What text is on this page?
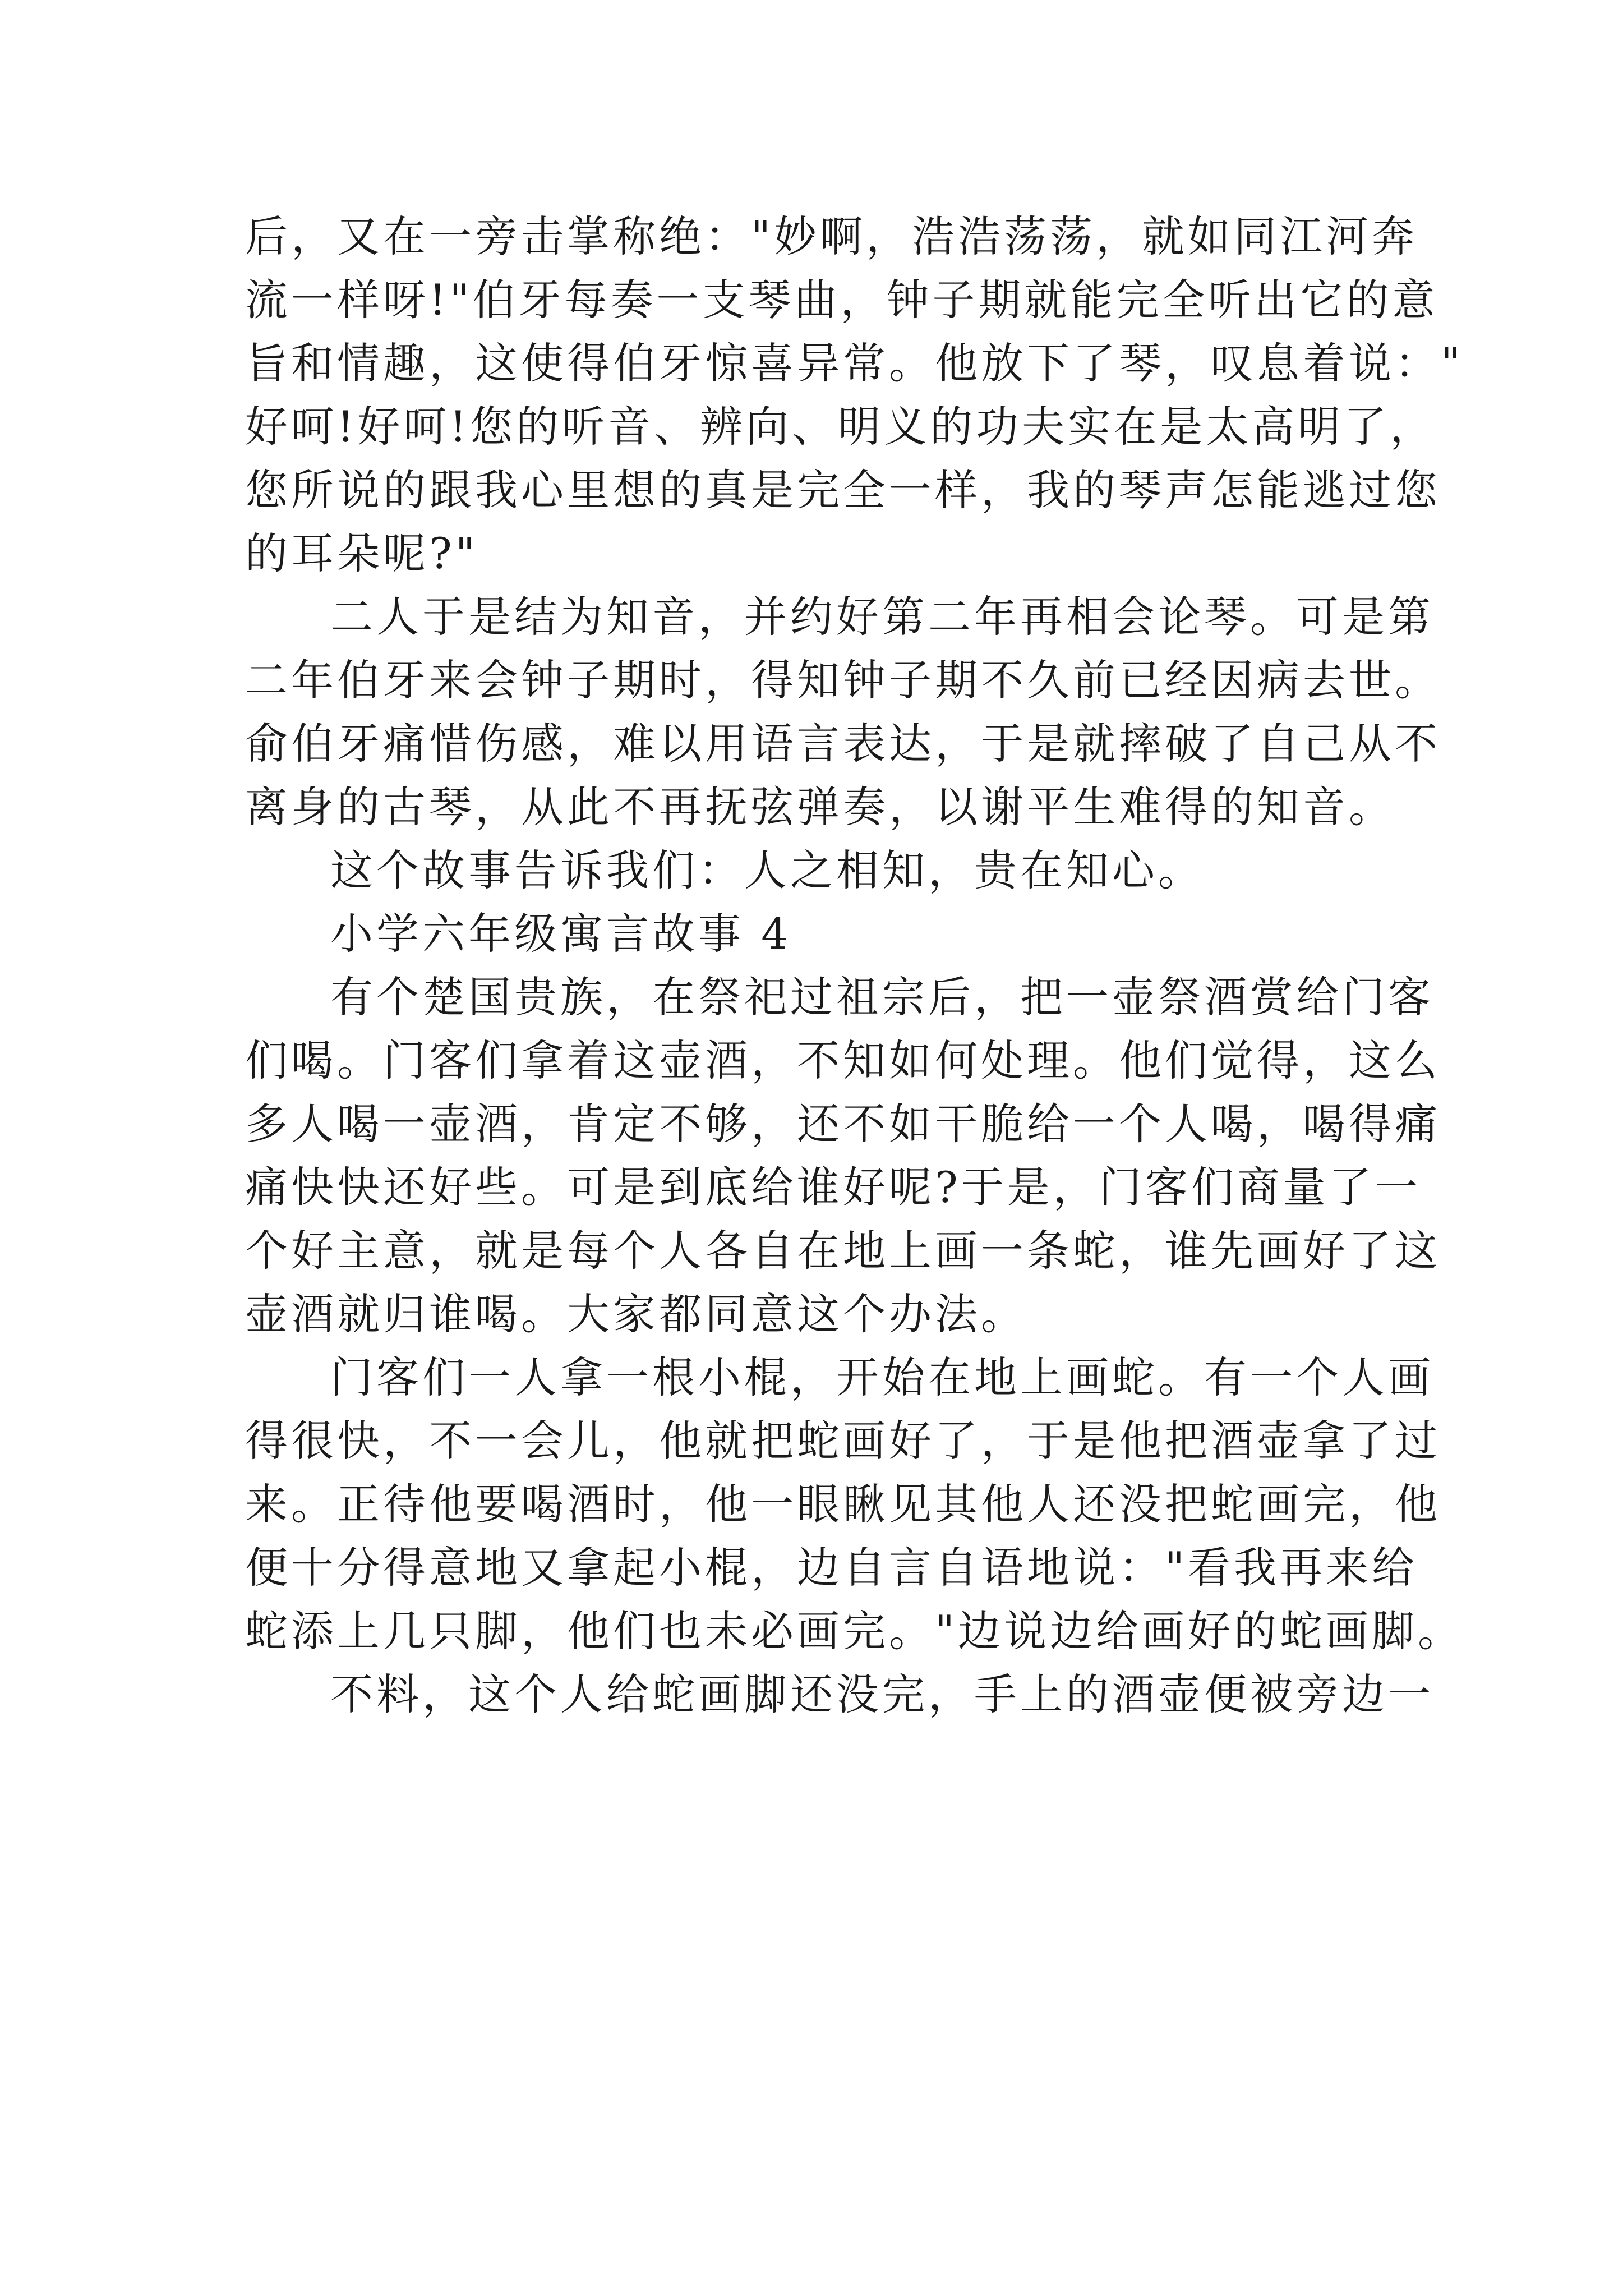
后，又在一旁击掌称绝："妙啊，浩浩荡荡，就如同江河奔
流一样呀!"伯牙每奏一支琴曲，钟子期就能完全听出它的意
旨和情趣，这使得伯牙惊喜异常。他放下了琴，叹息着说："
好呵!好呵!您的听音、辨向、明义的功夫实在是太高明了，
您所说的跟我心里想的真是完全一样，我的琴声怎能逃过您
的耳朵呢?"
二人于是结为知音，并约好第二年再相会论琴。可是第
二年伯牙来会钟子期时，得知钟子期不久前已经因病去世。
俞伯牙痛惜伤感，难以用语言表达，于是就摔破了自己从不
离身的古琴，从此不再抚弦弹奏，以谢平生难得的知音。
这个故事告诉我们：人之相知，贵在知心。
小学六年级寓言故事 4
有个楚国贵族，在祭祀过祖宗后，把一壶祭酒赏给门客
们喝。门客们拿着这壶酒，不知如何处理。他们觉得，这么
多人喝一壶酒，肯定不够，还不如干脆给一个人喝，喝得痛
痛快快还好些。可是到底给谁好呢?于是，门客们商量了一
个好主意，就是每个人各自在地上画一条蛇，谁先画好了这
壶酒就归谁喝。大家都同意这个办法。
门客们一人拿一根小棍，开始在地上画蛇。有一个人画
得很快，不一会儿，他就把蛇画好了，于是他把酒壶拿了过
来。正待他要喝酒时，他一眼瞅见其他人还没把蛇画完，他
便十分得意地又拿起小棍，边自言自语地说："看我再来给
蛇添上几只脚，他们也未必画完。"边说边给画好的蛇画脚。
不料，这个人给蛇画脚还没完，手上的酒壶便被旁边一
